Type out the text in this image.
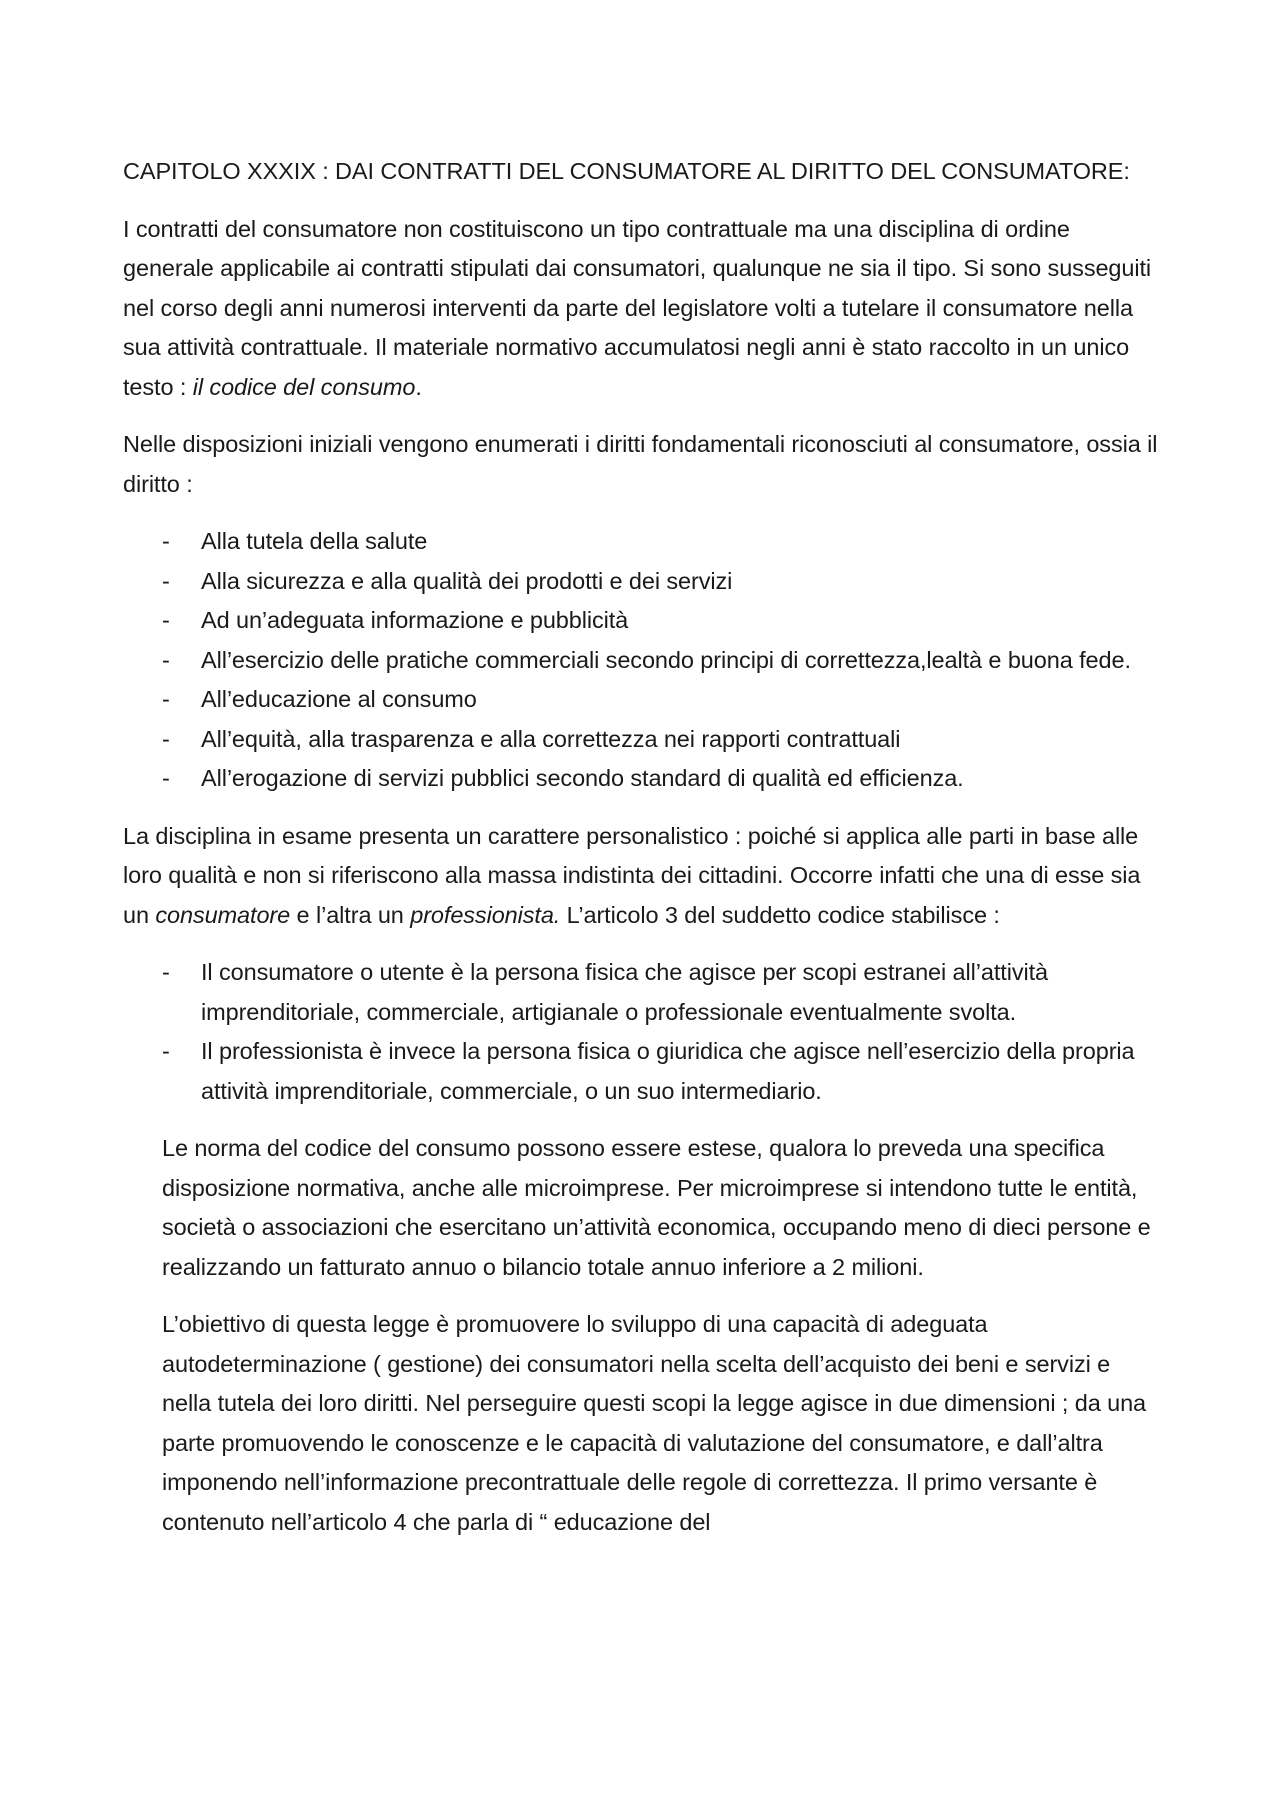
CAPITOLO XXXIX : DAI CONTRATTI DEL CONSUMATORE AL DIRITTO DEL CONSUMATORE:

I contratti del consumatore non costituiscono un tipo contrattuale ma una disciplina di ordine generale applicabile ai contratti stipulati dai consumatori, qualunque ne sia il tipo. Si sono susseguiti nel corso degli anni numerosi interventi da parte del legislatore volti a tutelare il consumatore nella sua attività contrattuale. Il materiale normativo accumulatosi negli anni è stato raccolto in un unico testo : il codice del consumo.

Nelle disposizioni iniziali vengono enumerati i diritti fondamentali riconosciuti al consumatore, ossia il diritto :

- Alla tutela della salute
- Alla sicurezza e alla qualità dei prodotti e dei servizi
- Ad un’adeguata informazione e pubblicità
- All’esercizio delle pratiche commerciali secondo principi di correttezza,lealtà e buona fede.
- All’educazione al consumo
- All’equità, alla trasparenza e alla correttezza nei rapporti contrattuali
- All’erogazione di servizi pubblici secondo standard di qualità ed efficienza.

La disciplina in esame presenta un carattere personalistico : poiché si applica alle parti in base alle loro qualità e non si riferiscono alla massa indistinta dei cittadini. Occorre infatti che una di esse sia un consumatore e l’altra un professionista. L’articolo 3 del suddetto codice stabilisce :

- Il consumatore o utente è la persona fisica che agisce per scopi estranei all’attività imprenditoriale, commerciale, artigianale o professionale eventualmente svolta.
- Il professionista è invece la persona fisica o giuridica che agisce nell’esercizio della propria attività imprenditoriale, commerciale, o un suo intermediario.

Le norma del codice del consumo possono essere estese, qualora lo preveda una specifica disposizione normativa, anche alle microimprese. Per microimprese si intendono tutte le entità, società o associazioni che esercitano un’attività economica, occupando meno di dieci persone e realizzando un fatturato annuo o bilancio totale annuo inferiore a 2 milioni.

L’obiettivo di questa legge è promuovere lo sviluppo di una capacità di adeguata autodeterminazione ( gestione) dei consumatori nella scelta dell’acquisto dei beni e servizi e nella tutela dei loro diritti. Nel perseguire questi scopi la legge agisce in due dimensioni ; da una parte promuovendo le conoscenze e le capacità di valutazione del consumatore, e dall’altra imponendo nell’informazione precontrattuale delle regole di correttezza. Il primo versante è contenuto nell’articolo 4 che parla di “ educazione del
